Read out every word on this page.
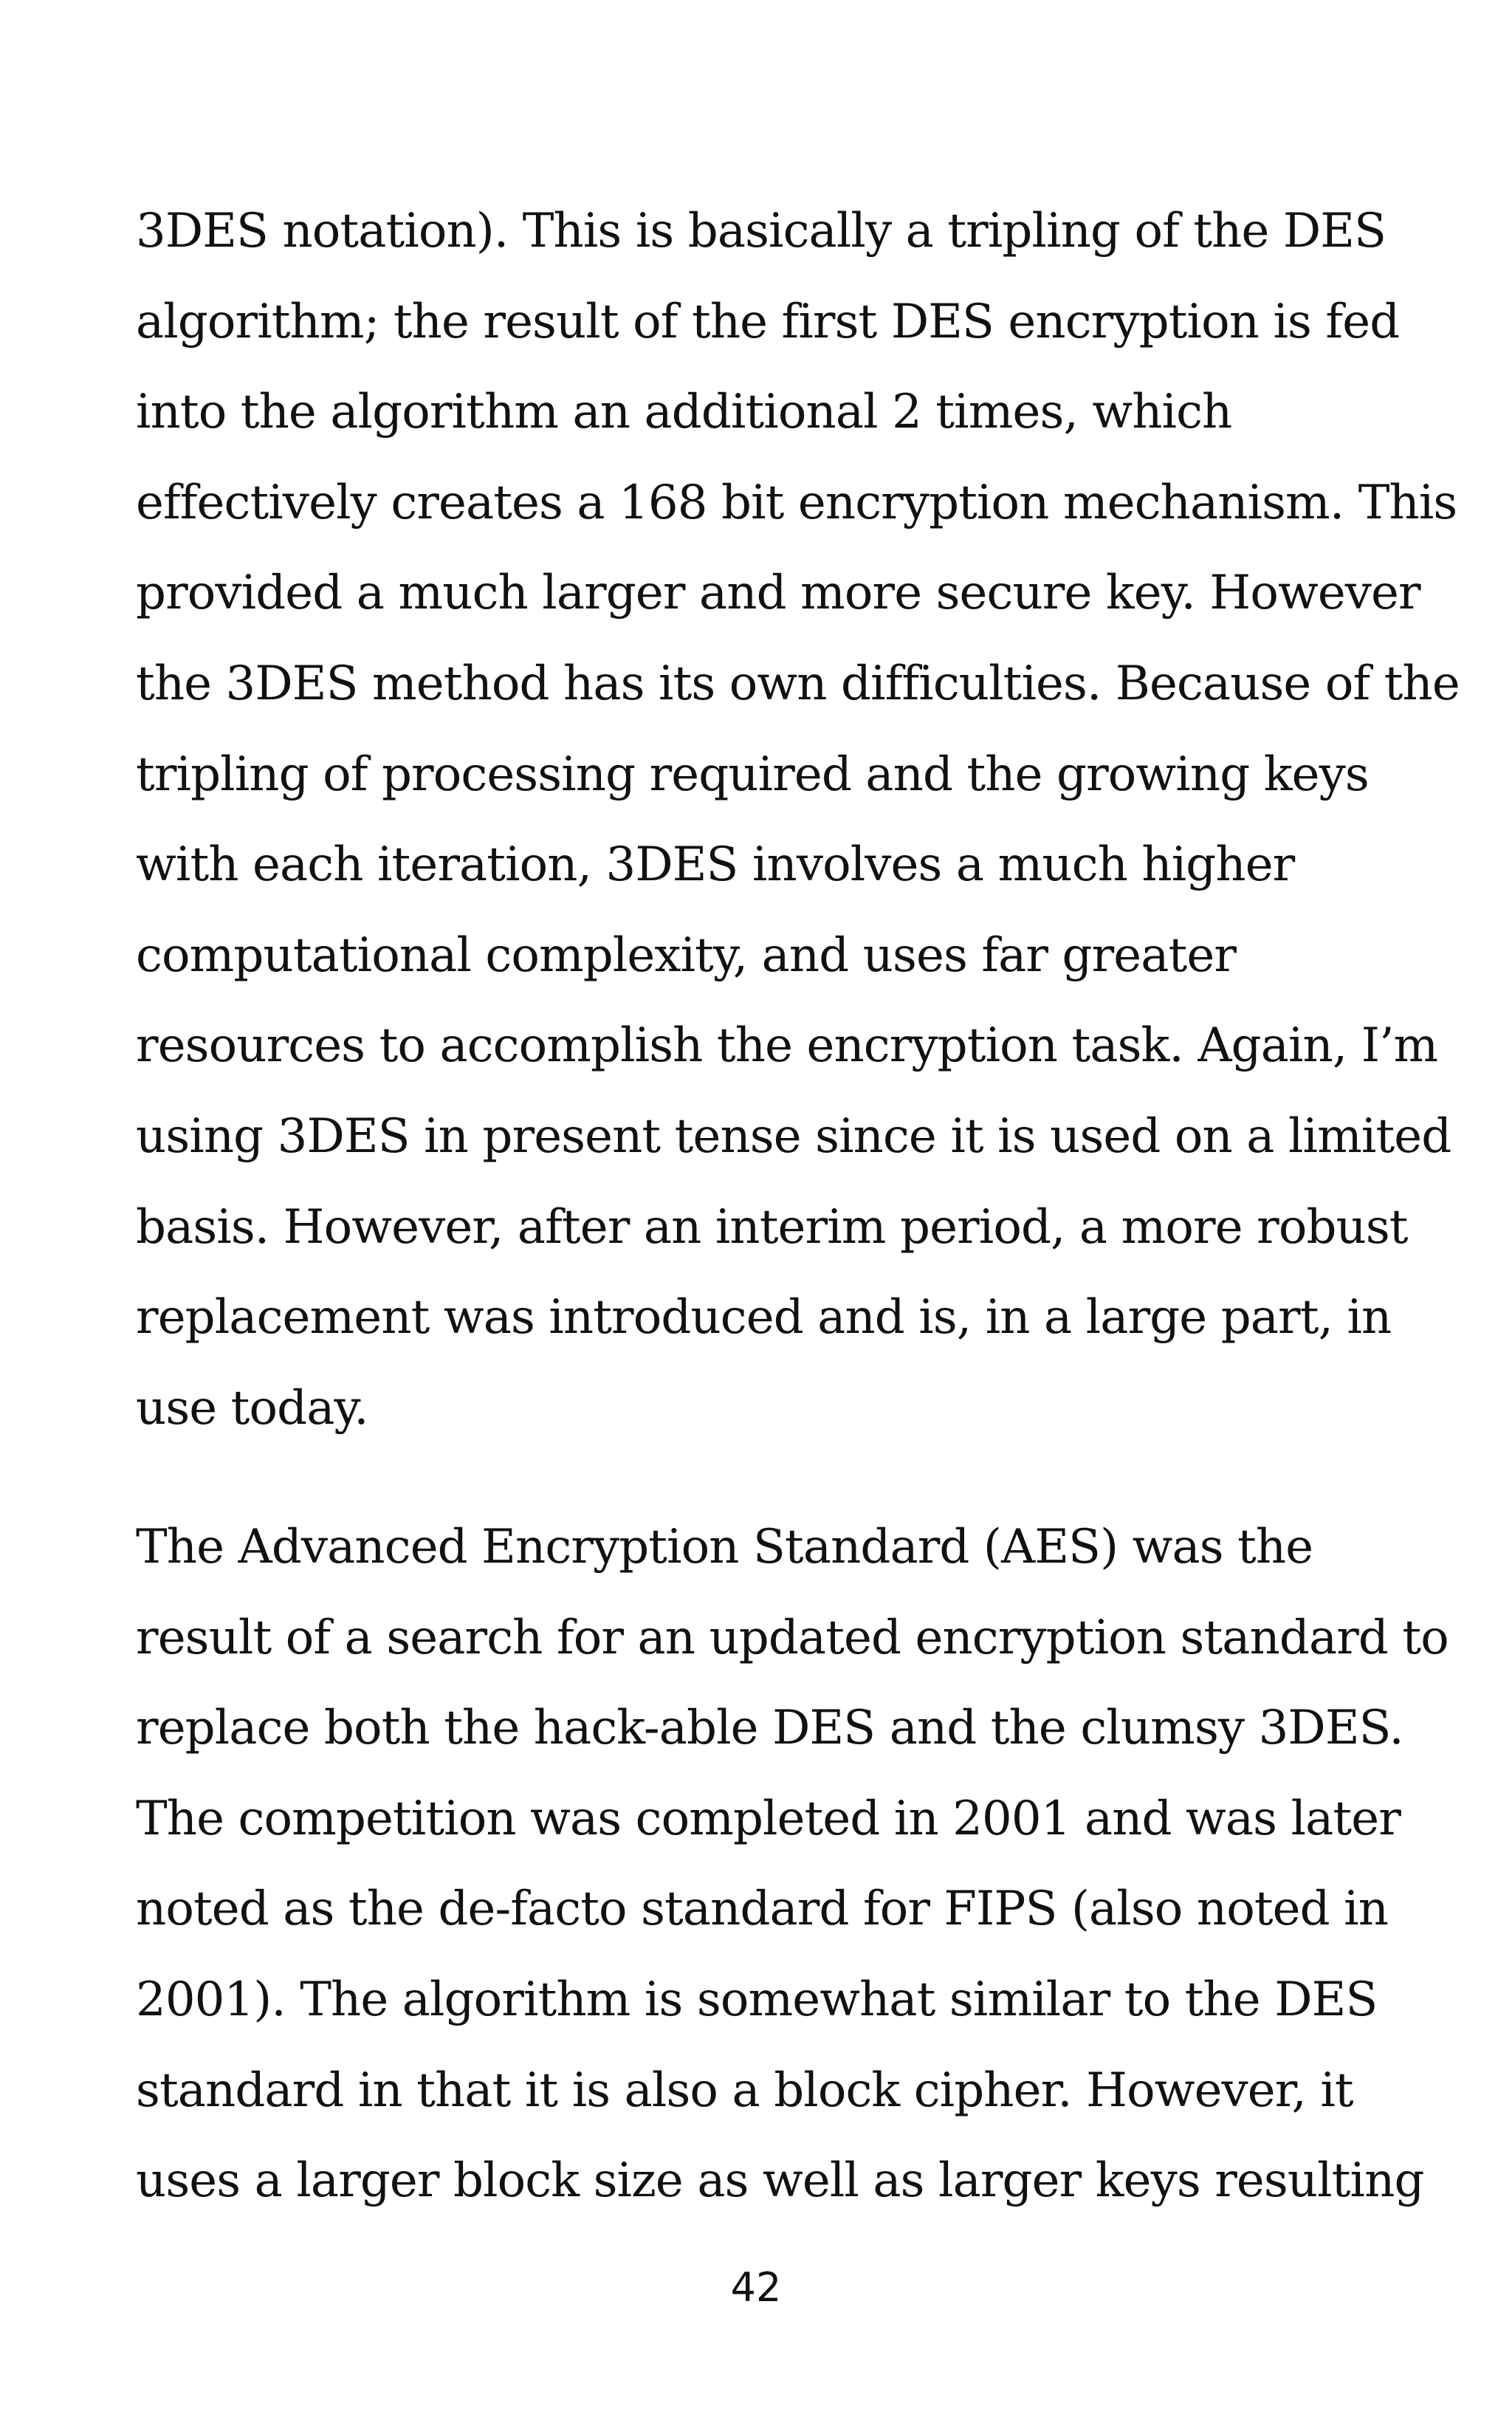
3DES notation). This is basically a tripling of the DES
algorithm; the result of the first DES encryption is fed
into the algorithm an additional 2 times, which
effectively creates a 168 bit encryption mechanism. This
provided a much larger and more secure key. However
the 3DES method has its own difficulties. Because of the
tripling of processing required and the growing keys
with each iteration, 3DES involves a much higher
computational complexity, and uses far greater
resources to accomplish the encryption task. Again, I’m
using 3DES in present tense since it is used on a limited
basis. However, after an interim period, a more robust
replacement was introduced and is, in a large part, in
use today.
The Advanced Encryption Standard (AES) was the
result of a search for an updated encryption standard to
replace both the hack-able DES and the clumsy 3DES.
The competition was completed in 2001 and was later
noted as the de-facto standard for FIPS (also noted in
2001). The algorithm is somewhat similar to the DES
standard in that it is also a block cipher. However, it
uses a larger block size as well as larger keys resulting
42
